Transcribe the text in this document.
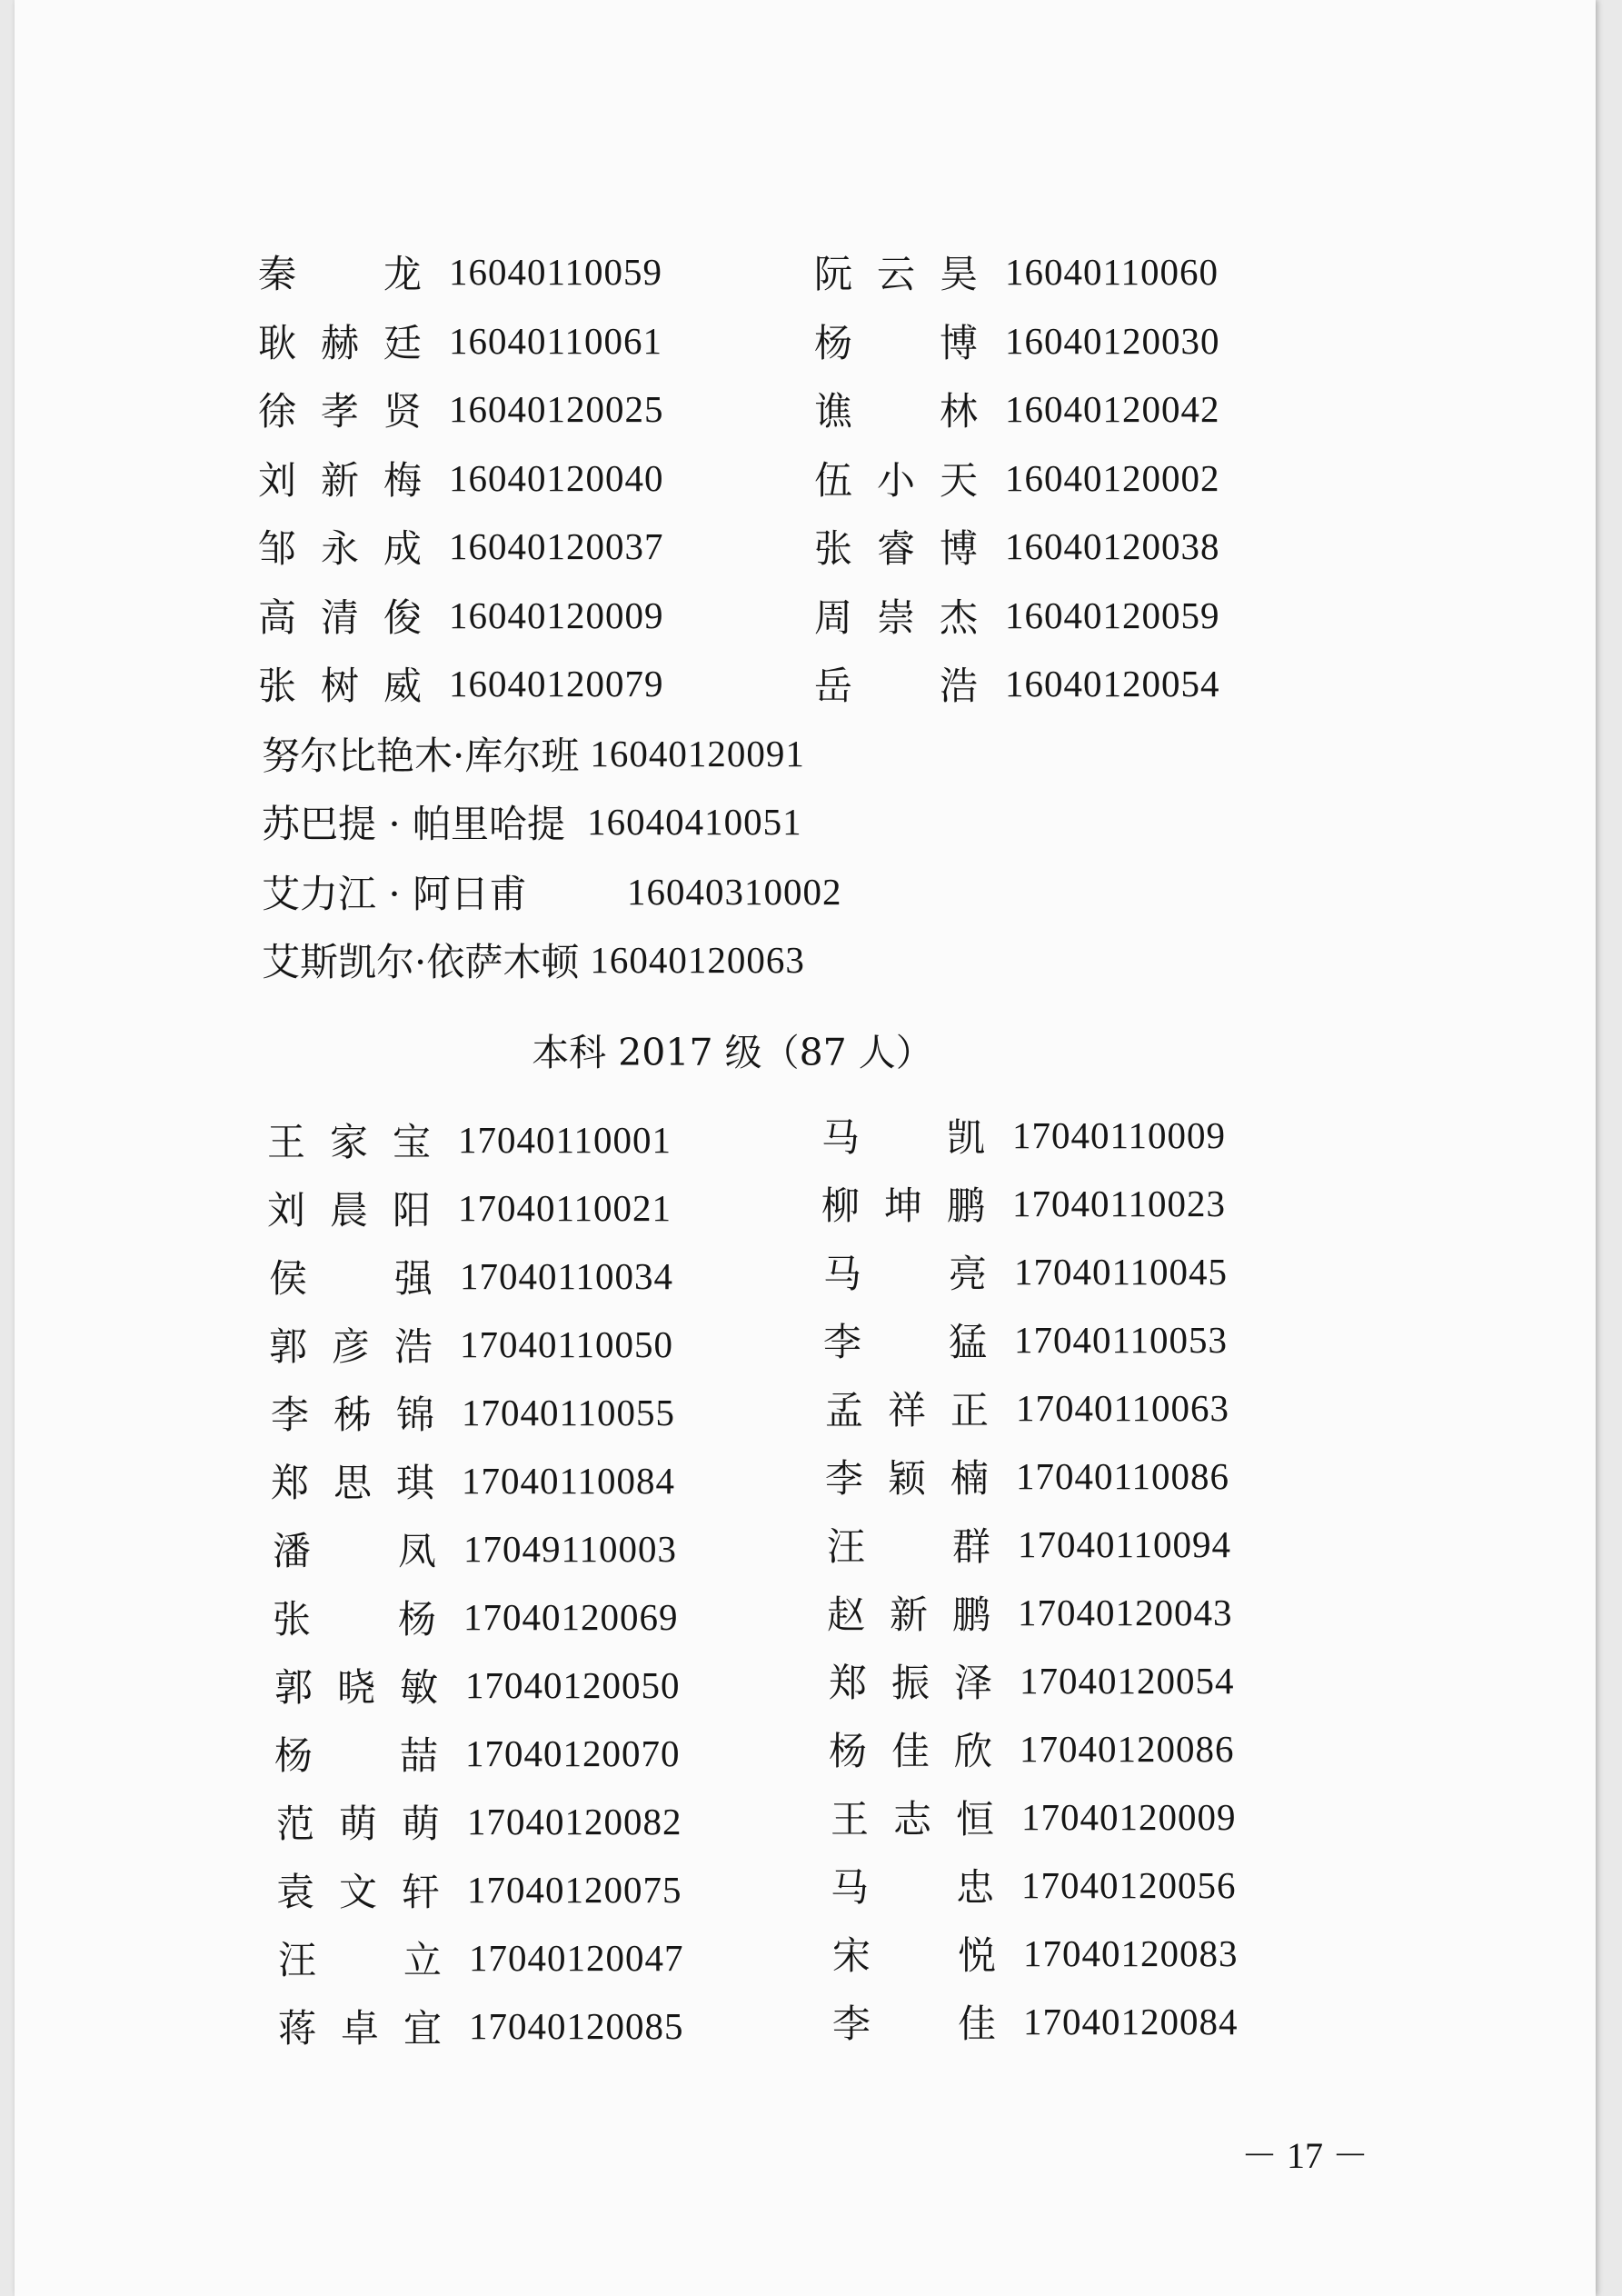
秦　　龙 16040110059	阮云昊 16040110060
耿赫廷 16040110061	杨　　博 16040120030
徐孝贤 16040120025	谯　　林 16040120042
刘新梅 16040120040	伍小天 16040120002
邹永成 16040120037	张睿博 16040120038
高清俊 16040120009	周崇杰 16040120059
张树威 16040120079	岳　　浩 16040120054
努尔比艳木·库尔班 16040120091
苏巴提 · 帕里哈提 16040410051
艾力江 · 阿日甫	16040310002
艾斯凯尔·依萨木顿 16040120063
本科 2017 级（87 人）
王家宝 17040110001	马　　凯 17040110009
刘晨阳 17040110021	柳坤鹏 17040110023
侯　　强 17040110034	马　　亮 17040110045
郭彦浩 17040110050	李　　猛 17040110053
李秭锦 17040110055	孟祥正 17040110063
郑思琪 17040110084	李颖楠 17040110086
潘　　凤 17049110003	汪　　群 17040110094
张　　杨 17040120069	赵新鹏 17040120043
郭晓敏 17040120050	郑振泽 17040120054
杨　　喆 17040120070	杨佳欣 17040120086
范萌萌 17040120082	王志恒 17040120009
袁文轩 17040120075	马　　忠 17040120056
汪　　立 17040120047	宋　　悦 17040120083
蒋卓宜 17040120085	李　　佳 17040120084
－ 17 －
